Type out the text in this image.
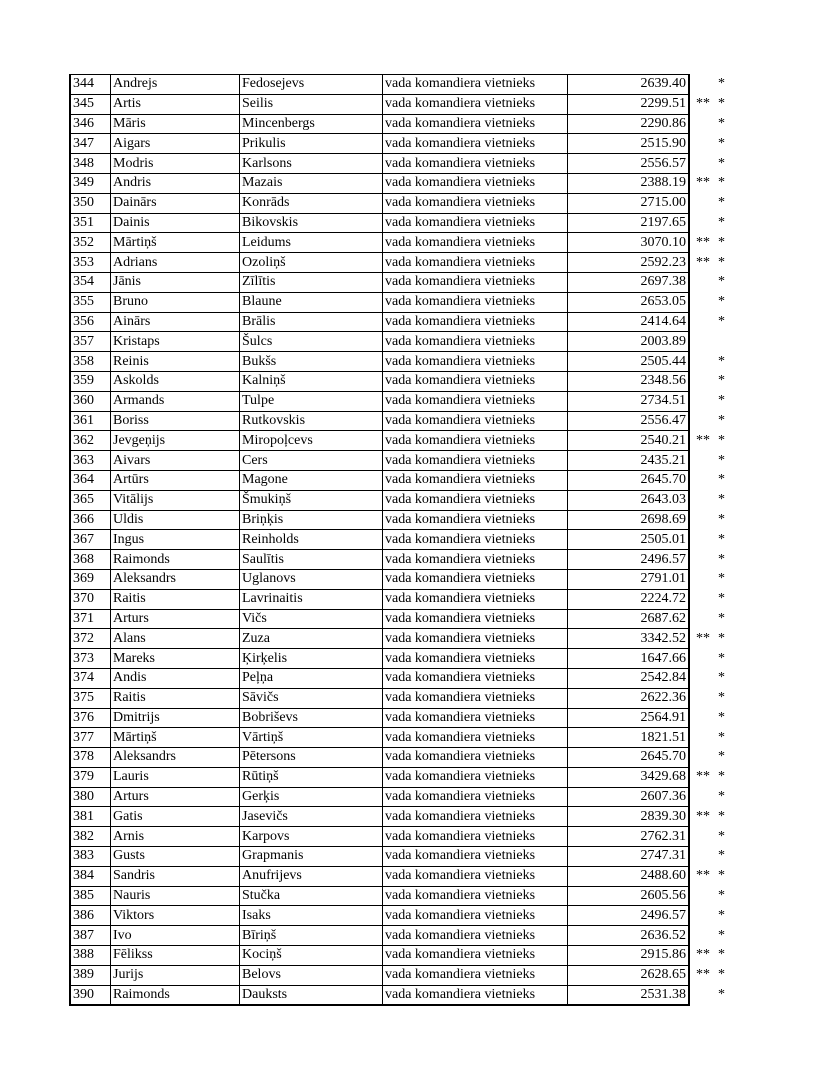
344	Andrejs	Fedosejevs	vada komandiera vietnieks	2639.40		*
345	Artis	Seilis	vada komandiera vietnieks	2299.51	**	*
346	Māris	Mincenbergs	vada komandiera vietnieks	2290.86		*
347	Aigars	Prikulis	vada komandiera vietnieks	2515.90		*
348	Modris	Karlsons	vada komandiera vietnieks	2556.57		*
349	Andris	Mazais	vada komandiera vietnieks	2388.19	**	*
350	Dainārs	Konrāds	vada komandiera vietnieks	2715.00		*
351	Dainis	Bikovskis	vada komandiera vietnieks	2197.65		*
352	Mārtiņš	Leidums	vada komandiera vietnieks	3070.10	**	*
353	Adrians	Ozoliņš	vada komandiera vietnieks	2592.23	**	*
354	Jānis	Zīlītis	vada komandiera vietnieks	2697.38		*
355	Bruno	Blaune	vada komandiera vietnieks	2653.05		*
356	Ainārs	Brālis	vada komandiera vietnieks	2414.64		*
357	Kristaps	Šulcs	vada komandiera vietnieks	2003.89		
358	Reinis	Bukšs	vada komandiera vietnieks	2505.44		*
359	Askolds	Kalniņš	vada komandiera vietnieks	2348.56		*
360	Armands	Tulpe	vada komandiera vietnieks	2734.51		*
361	Boriss	Rutkovskis	vada komandiera vietnieks	2556.47		*
362	Jevgeņijs	Miropoļcevs	vada komandiera vietnieks	2540.21	**	*
363	Aivars	Cers	vada komandiera vietnieks	2435.21		*
364	Artūrs	Magone	vada komandiera vietnieks	2645.70		*
365	Vitālijs	Šmukiņš	vada komandiera vietnieks	2643.03		*
366	Uldis	Briņķis	vada komandiera vietnieks	2698.69		*
367	Ingus	Reinholds	vada komandiera vietnieks	2505.01		*
368	Raimonds	Saulītis	vada komandiera vietnieks	2496.57		*
369	Aleksandrs	Uglanovs	vada komandiera vietnieks	2791.01		*
370	Raitis	Lavrinaitis	vada komandiera vietnieks	2224.72		*
371	Arturs	Vičs	vada komandiera vietnieks	2687.62		*
372	Alans	Zuza	vada komandiera vietnieks	3342.52	**	*
373	Mareks	Ķirķelis	vada komandiera vietnieks	1647.66		*
374	Andis	Peļņa	vada komandiera vietnieks	2542.84		*
375	Raitis	Sāvičs	vada komandiera vietnieks	2622.36		*
376	Dmitrijs	Bobriševs	vada komandiera vietnieks	2564.91		*
377	Mārtiņš	Vārtiņš	vada komandiera vietnieks	1821.51		*
378	Aleksandrs	Pētersons	vada komandiera vietnieks	2645.70		*
379	Lauris	Rūtiņš	vada komandiera vietnieks	3429.68	**	*
380	Arturs	Gerķis	vada komandiera vietnieks	2607.36		*
381	Gatis	Jasevičs	vada komandiera vietnieks	2839.30	**	*
382	Arnis	Karpovs	vada komandiera vietnieks	2762.31		*
383	Gusts	Grapmanis	vada komandiera vietnieks	2747.31		*
384	Sandris	Anufrijevs	vada komandiera vietnieks	2488.60	**	*
385	Nauris	Stučka	vada komandiera vietnieks	2605.56		*
386	Viktors	Isaks	vada komandiera vietnieks	2496.57		*
387	Ivo	Bīriņš	vada komandiera vietnieks	2636.52		*
388	Fēlikss	Kociņš	vada komandiera vietnieks	2915.86	**	*
389	Jurijs	Belovs	vada komandiera vietnieks	2628.65	**	*
390	Raimonds	Dauksts	vada komandiera vietnieks	2531.38		*
